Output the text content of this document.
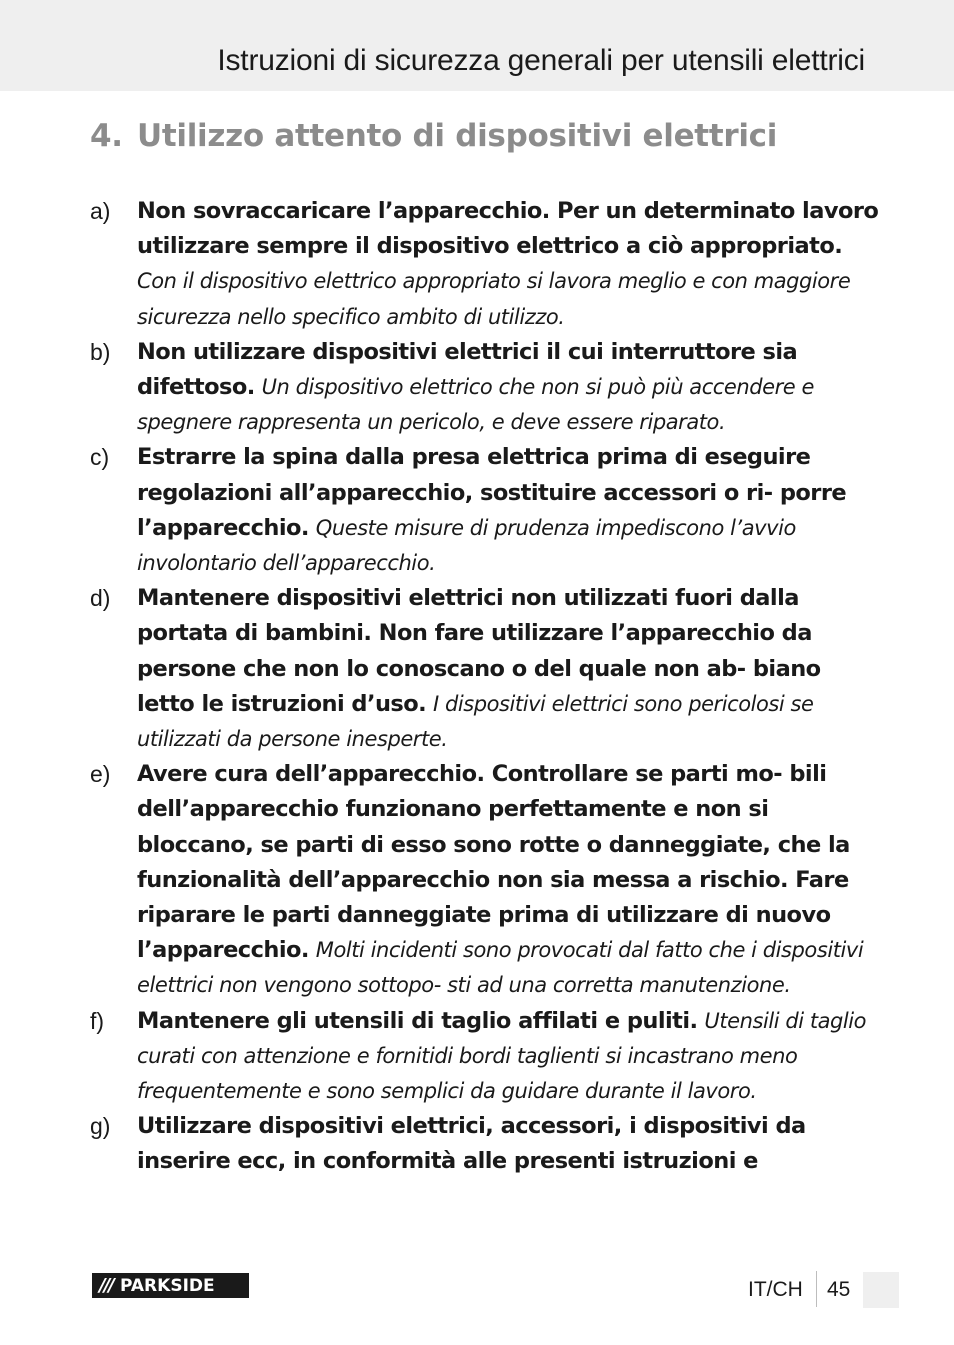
Istruzioni di sicurezza generali per utensili elettrici
4. Utilizzo attento di dispositivi elettrici
a) Non sovraccaricare l’apparecchio. Per un determinato lavoro utilizzare sempre il dispositivo elettrico a ciò appropriato. Con il dispositivo elettrico appropriato si lavora meglio e con maggiore sicurezza nello specifico ambito di utilizzo.
b) Non utilizzare dispositivi elettrici il cui interruttore sia difettoso. Un dispositivo elettrico che non si può più accendere e spegnere rappresenta un pericolo, e deve essere riparato.
c) Estrarre la spina dalla presa elettrica prima di eseguire regolazioni all’apparecchio, sostituire accessori o ri- porre l’apparecchio. Queste misure di prudenza impediscono l’avvio involontario dell’apparecchio.
d) Mantenere dispositivi elettrici non utilizzati fuori dalla portata di bambini. Non fare utilizzare l’apparecchio da persone che non lo conoscano o del quale non ab- biano letto le istruzioni d’uso. I dispositivi elettrici sono pericolosi se utilizzati da persone inesperte.
e) Avere cura dell’apparecchio. Controllare se parti mo- bili dell’apparecchio funzionano perfettamente e non si bloccano, se parti di esso sono rotte o danneggiate, che la funzionalità dell’apparecchio non sia messa a rischio. Fare riparare le parti danneggiate prima di utilizzare di nuovo l’apparecchio. Molti incidenti sono provocati dal fatto che i dispositivi elettrici non vengono sottopo- sti ad una corretta manutenzione.
f) Mantenere gli utensili di taglio affilati e puliti. Utensili di taglio curati con attenzione e fornitidi bordi taglienti si incastrano meno frequentemente e sono semplici da guidare durante il lavoro.
g) Utilizzare dispositivi elettrici, accessori, i dispositivi da inserire ecc, in conformità alle presenti istruzioni e
/// PARKSIDE	IT/CH 45
